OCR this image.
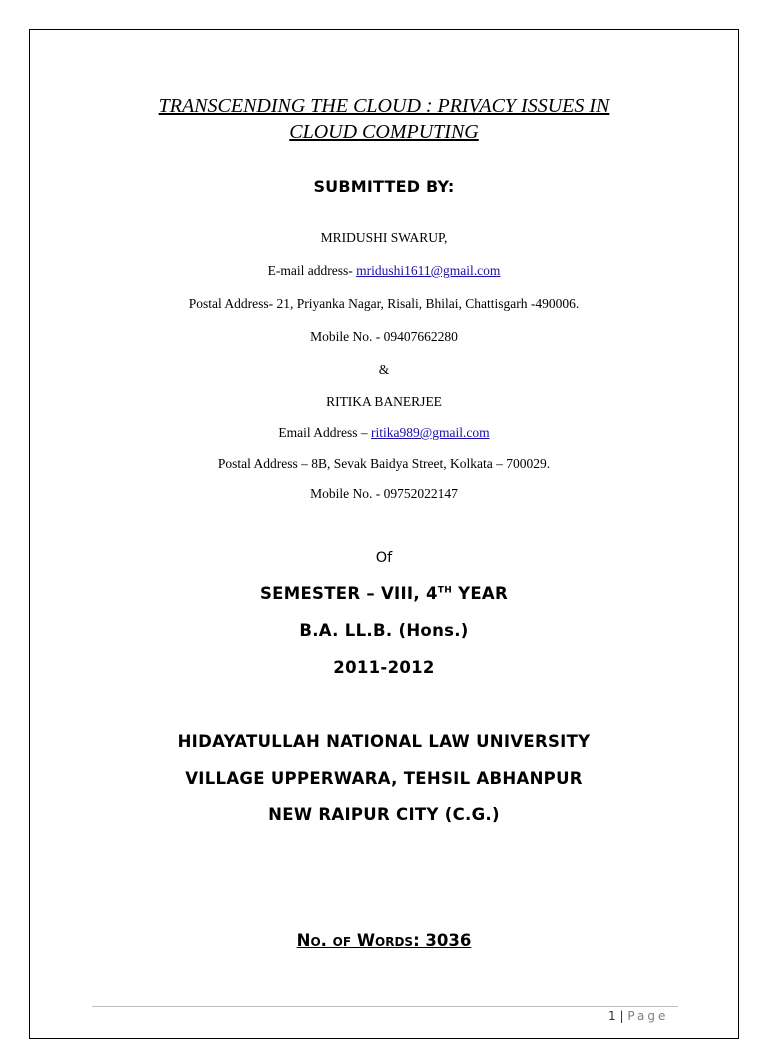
TRANSCENDING THE CLOUD : PRIVACY ISSUES IN
CLOUD COMPUTING
SUBMITTED BY:
MRIDUSHI SWARUP,
E-mail address- mridushi1611@gmail.com
Postal Address- 21, Priyanka Nagar, Risali, Bhilai, Chattisgarh -490006.
Mobile No. - 09407662280
&
RITIKA BANERJEE
Email Address – ritika989@gmail.com
Postal Address – 8B, Sevak Baidya Street, Kolkata – 700029.
Mobile No. - 09752022147
Of
SEMESTER – VIII, 4TH YEAR
B.A. LL.B. (Hons.)
2011-2012
HIDAYATULLAH NATIONAL LAW UNIVERSITY
VILLAGE UPPERWARA, TEHSIL ABHANPUR
NEW RAIPUR CITY (C.G.)
No. of Words: 3036
1 | Page
